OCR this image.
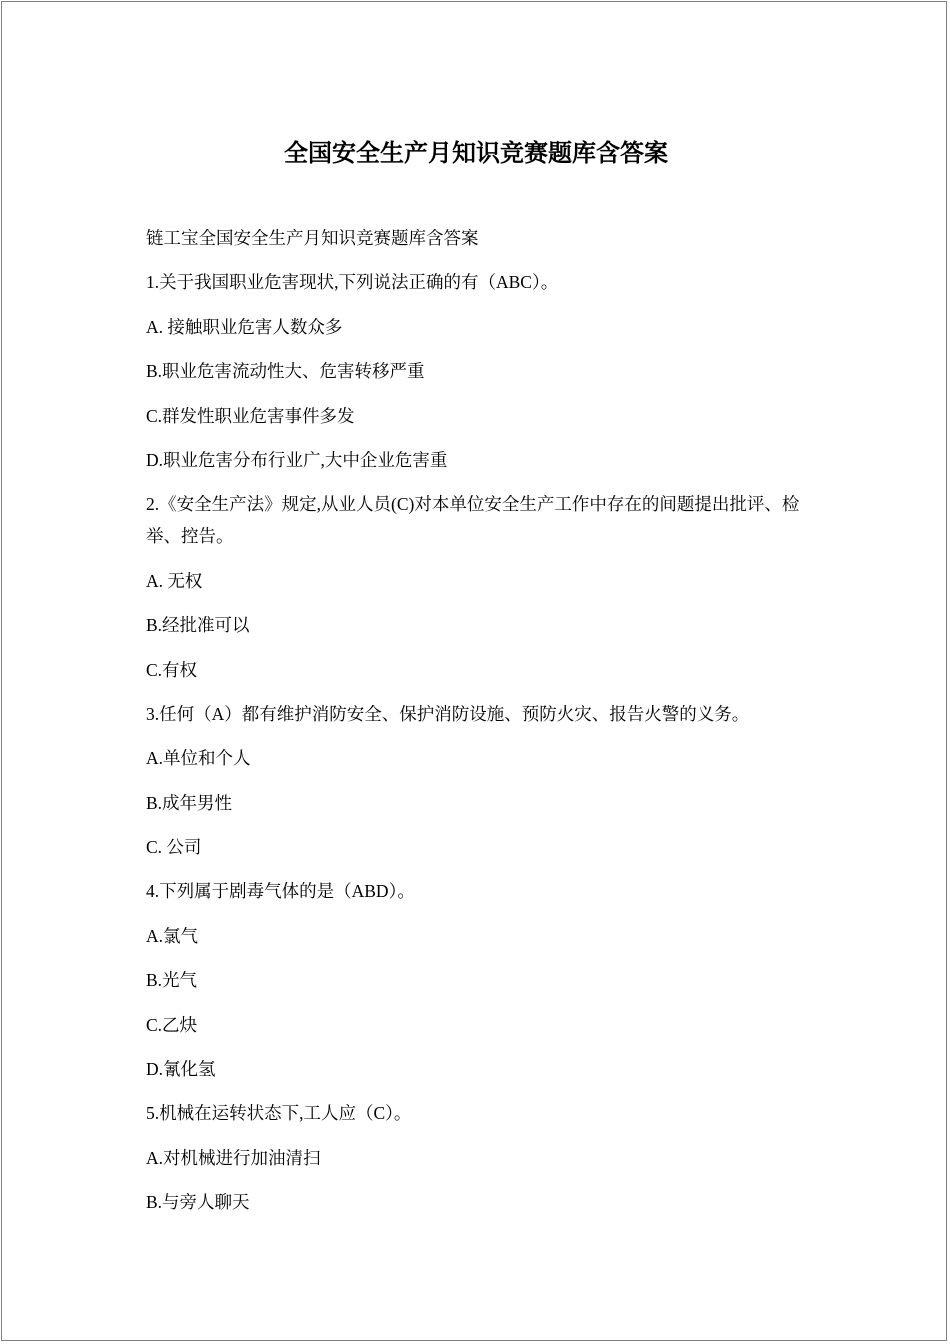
全国安全生产月知识竞赛题库含答案

链工宝全国安全生产月知识竞赛题库含答案

1.关于我国职业危害现状,下列说法正确的有（ABC）。

A. 接触职业危害人数众多

B.职业危害流动性大、危害转移严重

C.群发性职业危害事件多发

D.职业危害分布行业广,大中企业危害重

2.《安全生产法》规定,从业人员(C)对本单位安全生产工作中存在的间题提出批评、检举、控告。

A. 无权

B.经批准可以

C.有权

3.任何（A）都有维护消防安全、保护消防设施、预防火灾、报告火警的义务。

A.单位和个人

B.成年男性

C. 公司

4.下列属于剧毒气体的是（ABD）。

A.氯气

B.光气

C.乙炔

D.氰化氢

5.机械在运转状态下,工人应（C）。

A.对机械进行加油清扫

B.与旁人聊天
